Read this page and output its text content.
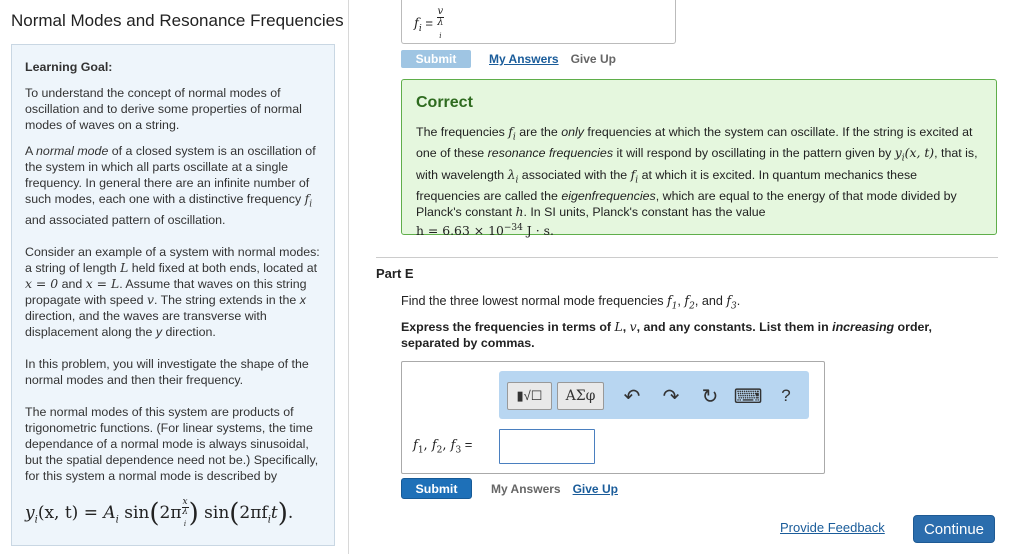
Normal Modes and Resonance Frequencies
Learning Goal:

To understand the concept of normal modes of oscillation and to derive some properties of normal modes of waves on a string.

A normal mode of a closed system is an oscillation of the system in which all parts oscillate at a single frequency. In general there are an infinite number of such modes, each one with a distinctive frequency $f_i$ and associated pattern of oscillation.

Consider an example of a system with normal modes: a string of length L held fixed at both ends, located at x = 0 and x = L. Assume that waves on this string propagate with speed v. The string extends in the x direction, and the waves are transverse with displacement along the y direction.

In this problem, you will investigate the shape of the normal modes and then their frequency.

The normal modes of this system are products of trigonometric functions. (For linear systems, the time dependance of a normal mode is always sinusoidal, but the spatial dependence need not be.) Specifically, for this system a normal mode is described by

$y_i(x$, $t) = A_i$ sin(2π x
λ
$_i$ ) $\sin(2\pi f_it)$.
$f_i = v$
λ
$_i$
Submit	My Answers Give Up
Correct
The frequencies $f_i$ are the only frequencies at which the system can oscillate. If the string is excited at one of these resonance frequencies it will respond by oscillating in the pattern given by $y_i(x$, t), that is, with wavelength $\lambda_i$ associated with the $f_i$ at which it is excited. In quantum mechanics these frequencies are called the eigenfrequencies, which are equal to the energy of that mode divided by Planck's constant h. In SI units, Planck's constant has the value
$h = 6.63 \times 10^{-34}$ J · s.
Part E
Find the three lowest normal mode frequencies $f_1$, $f_2$, and $f_3$.
Express the frequencies in terms of L, v, and any constants. List them in increasing order, separated by commas.
▮√☐	ΑΣφ	↶ ↷ ↻ ⌨	?
$f_1$, $f_2$, $f_3$ =
Submit	My Answers Give Up
Provide Feedback	Continue
